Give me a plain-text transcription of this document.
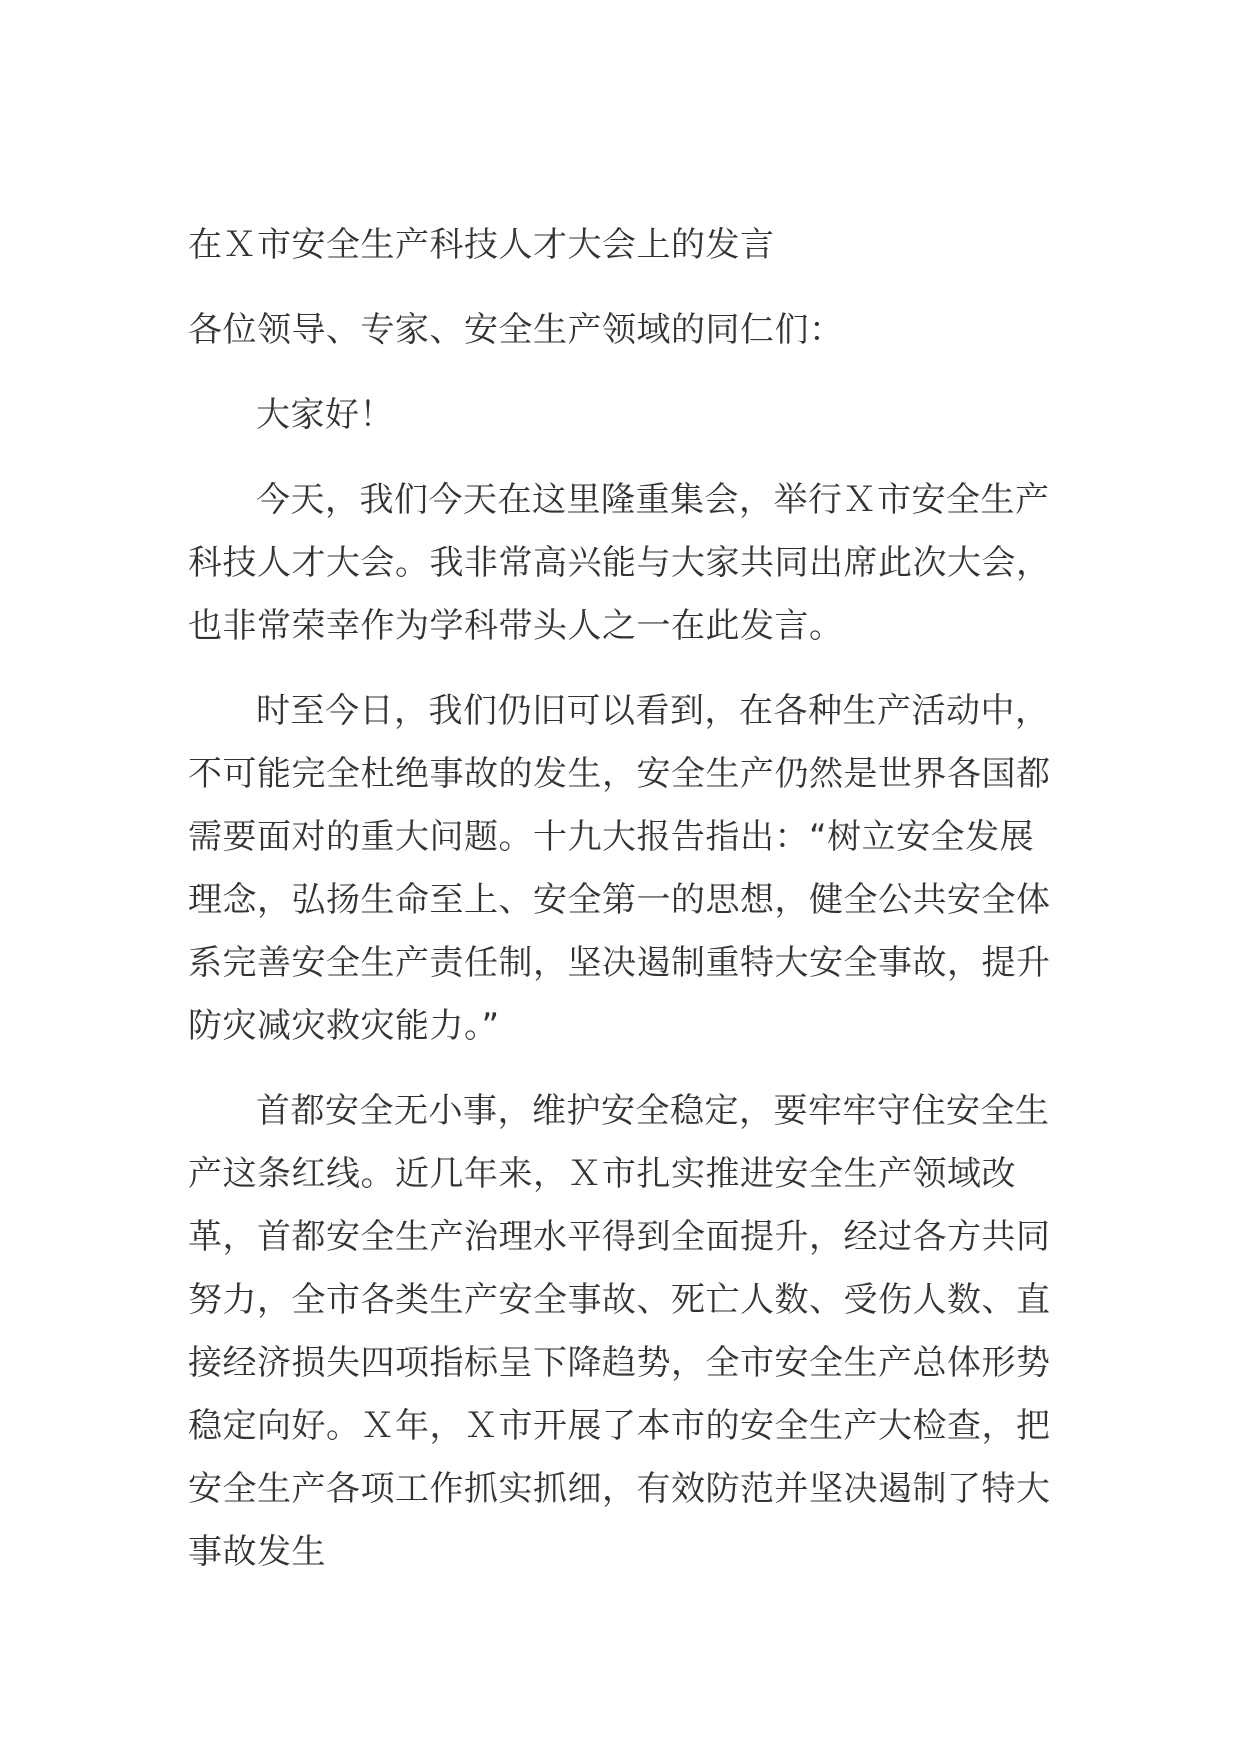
在Ｘ市安全生产科技人才大会上的发言

各位领导、专家、安全生产领域的同仁们：

大家好！

今天，我们今天在这里隆重集会，举行Ｘ市安全生产科技人才大会。我非常高兴能与大家共同出席此次大会，也非常荣幸作为学科带头人之一在此发言。

时至今日，我们仍旧可以看到，在各种生产活动中，不可能完全杜绝事故的发生，安全生产仍然是世界各国都需要面对的重大问题。十九大报告指出：“树立安全发展理念，弘扬生命至上、安全第一的思想，健全公共安全体系完善安全生产责任制，坚决遏制重特大安全事故，提升防灾减灾救灾能力。”

首都安全无小事，维护安全稳定，要牢牢守住安全生产这条红线。近几年来，Ｘ市扎实推进安全生产领域改革，首都安全生产治理水平得到全面提升，经过各方共同努力，全市各类生产安全事故、死亡人数、受伤人数、直接经济损失四项指标呈下降趋势，全市安全生产总体形势稳定向好。Ｘ年，Ｘ市开展了本市的安全生产大检查，把安全生产各项工作抓实抓细，有效防范并坚决遏制了特大事故发生
